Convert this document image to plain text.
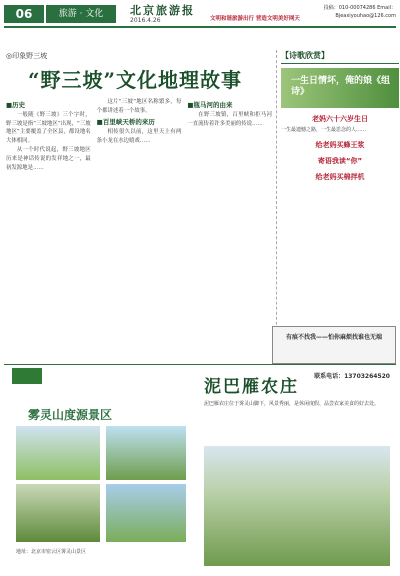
06	旅游 · 文化	北京旅游报
2016.4.26	文明和谐旅游出行 营造文明美好网天
投稿：010-00074286 Email：Bjeaxiyouhao@126.com
◎印象野三坡
“野三坡”文化地理故事
■历史

一般随《野三坡》三个字时，野三坡是指“三坡地区”出现，“三坡地区”主要覆盖了全区县，都设地名大体相同。

从一个时代说起，野三坡地区历来是神话传说的发祥地之一，最初发源地是……

这片“三坡”地区名称繁多，每个都讲述着一个故事。

■百里峡天桥的来历

相传很久以前，这里天上有两条小龙在水边嬉戏……

■瓶马河的由来

在野三坡镇，百里峡和拒马河一直流传着许多美丽的传说……

【诗歌欣赏】
一生日情坏，俺的娘《组诗》
老妈六十六岁生日
一生最遗憾之路，一生最思念的人……
给老妈买蜂王浆
寄语我读“你”
给老妈买棉拌机
有痕不找我——怕你麻烦找谁也无端
雾灵山度源景区
地址：北京市密云区雾灵山景区
泥巴雁农庄
联系电话：13703264520
泥巴雁农庄位于雾灵山脚下，风景秀丽，是休闲度假、品尝农家美食的好去处。
